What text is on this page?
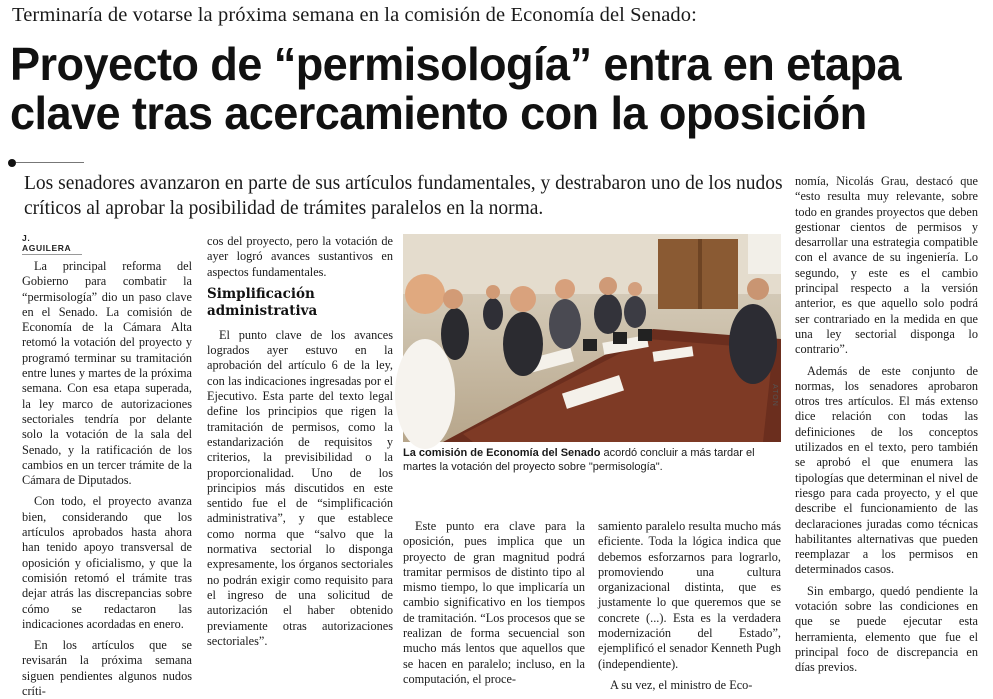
Terminaría de votarse la próxima semana en la comisión de Economía del Senado:
Proyecto de “permisología” entra en etapa clave tras acercamiento con la oposición
Los senadores avanzaron en parte de sus artículos fundamentales, y destrabaron uno de los nudos críticos al aprobar la posibilidad de trámites paralelos en la norma.
J. AGUILERA

La principal reforma del Gobierno para combatir la “permisología” dio un paso clave en el Senado. La comisión de Economía de la Cámara Alta retomó la votación del proyecto y programó terminar su tramitación entre lunes y martes de la próxima semana. Con esa etapa superada, la ley marco de autorizaciones sectoriales tendría por delante solo la votación de la sala del Senado, y la ratificación de los cambios en un tercer trámite de la Cámara de Diputados.

Con todo, el proyecto avanza bien, considerando que los artículos aprobados hasta ahora han tenido apoyo transversal de oposición y oficialismo, y que la comisión retomó el trámite tras dejar atrás las discrepancias sobre cómo se redactaron las indicaciones acordadas en enero.

En los artículos que se revisarán la próxima semana siguen pendientes algunos nudos críti-

cos del proyecto, pero la votación de ayer logró avances sustantivos en aspectos fundamentales.

Simplificación administrativa

El punto clave de los avances logrados ayer estuvo en la aprobación del artículo 6 de la ley, con las indicaciones ingresadas por el Ejecutivo. Esta parte del texto legal define los principios que rigen la tramitación de permisos, como la estandarización de requisitos y criterios, la previsibilidad o la proporcionalidad. Uno de los principios más discutidos en este sentido fue el de “simplificación administrativa”, y que establece como norma que “salvo que la normativa sectorial lo disponga expresamente, los órganos sectoriales no podrán exigir como requisito para el ingreso de una solicitud de autorización el haber obtenido previamente otras autorizaciones sectoriales”.

ATON
La comisión de Economía del Senado acordó concluir a más tardar el martes la votación del proyecto sobre "permisología".

Este punto era clave para la oposición, pues implica que un proyecto de gran magnitud podrá tramitar permisos de distinto tipo al mismo tiempo, lo que implicaría un cambio significativo en los tiempos de tramitación. “Los procesos que se realizan de forma secuencial son mucho más lentos que aquellos que se hacen en paralelo; incluso, en la computación, el proce-

samiento paralelo resulta mucho más eficiente. Toda la lógica indica que debemos esforzarnos para lograrlo, promoviendo una cultura organizacional distinta, que es justamente lo que queremos que se concrete (...). Esta es la verdadera modernización del Estado”, ejemplificó el senador Kenneth Pugh (independiente).

A su vez, el ministro de Eco-

nomía, Nicolás Grau, destacó que “esto resulta muy relevante, sobre todo en grandes proyectos que deben gestionar cientos de permisos y desarrollar una estrategia compatible con el avance de su ingeniería. Lo segundo, y este es el cambio principal respecto a la versión anterior, es que aquello solo podrá ser contrariado en la medida en que una ley sectorial disponga lo contrario”.

Además de este conjunto de normas, los senadores aprobaron otros tres artículos. El más extenso dice relación con todas las definiciones de los conceptos utilizados en el texto, pero también se aprobó el que enumera las tipologías que determinan el nivel de riesgo para cada proyecto, y el que describe el funcionamiento de las declaraciones juradas como técnicas habilitantes alternativas que pueden reemplazar a los permisos en determinados casos.

Sin embargo, quedó pendiente la votación sobre las condiciones en que se puede ejecutar esta herramienta, elemento que fue el principal foco de discrepancia en días previos.
